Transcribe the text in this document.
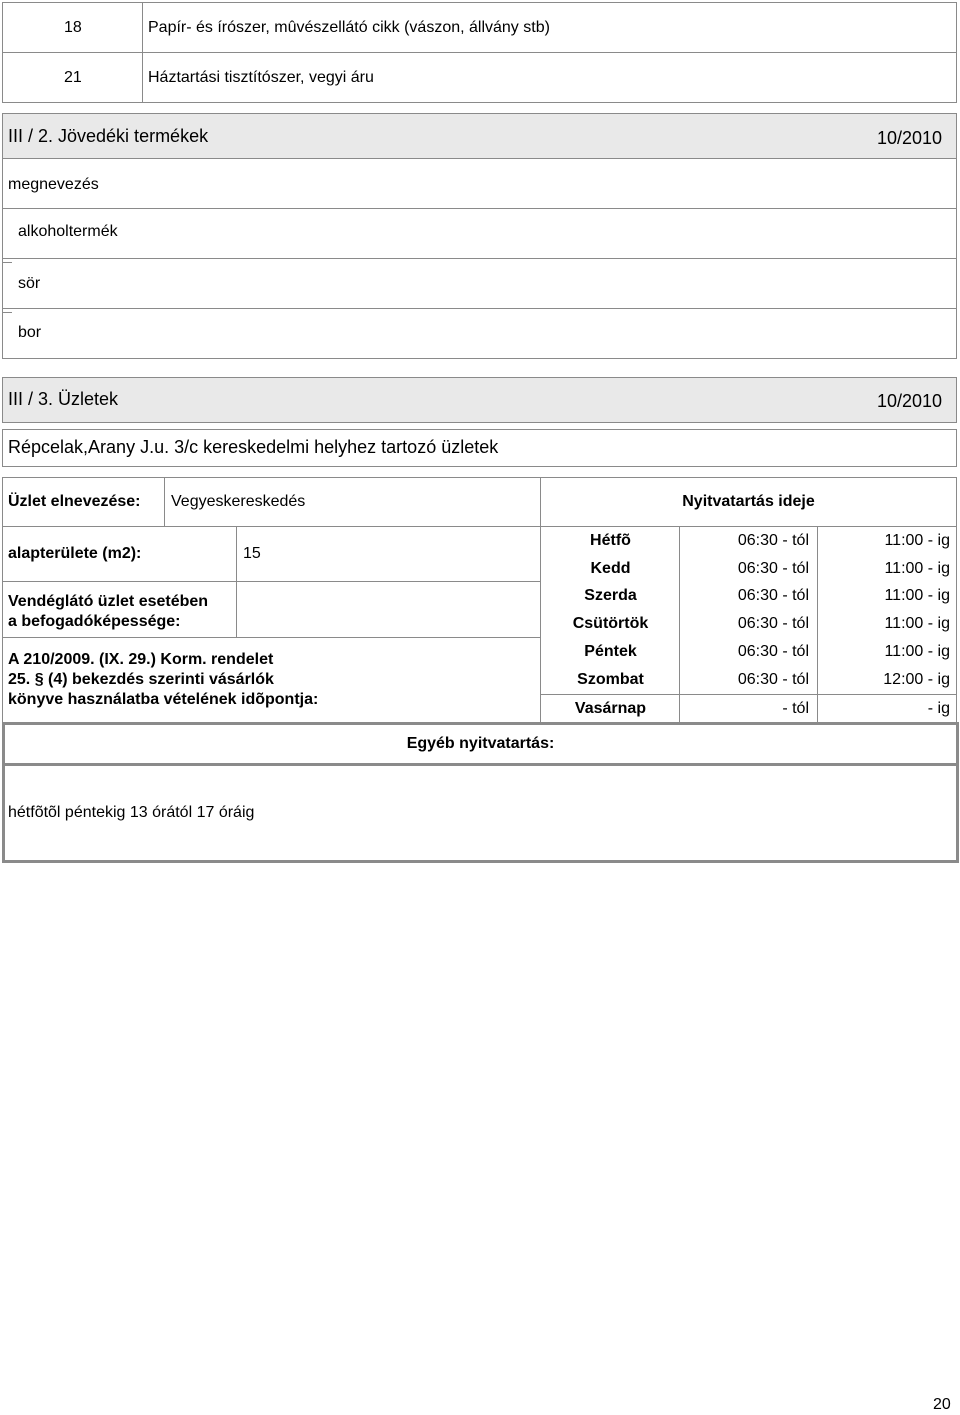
18	Papír- és írószer, mûvészellátó cikk (vászon, állvány stb)
21	Háztartási tisztítószer, vegyi áru
III / 2. Jövedéki termékek	10/2010
megnevezés
alkoholtermék
sör
bor
III / 3. Üzletek	10/2010
Répcelak,Arany J.u. 3/c kereskedelmi helyhez tartozó üzletek
Üzlet elnevezése: Vegyeskereskedés	Nyitvatartás ideje
alapterülete (m2):	15
Vendéglátó üzlet esetében
a befogadóképessége:
A 210/2009. (IX. 29.) Korm. rendelet
25. § (4) bekezdés szerinti vásárlók
könyve használatba vételének idõpontja:
Hétfõ	06:30 - tól	11:00 - ig
Kedd	06:30 - tól	11:00 - ig
Szerda	06:30 - tól	11:00 - ig
Csütörtök	06:30 - tól	11:00 - ig
Péntek	06:30 - tól	11:00 - ig
Szombat	06:30 - tól	12:00 - ig
Vasárnap	- tól	- ig
Egyéb nyitvatartás:
hétfõtõl péntekig 13 órától 17 óráig
20
